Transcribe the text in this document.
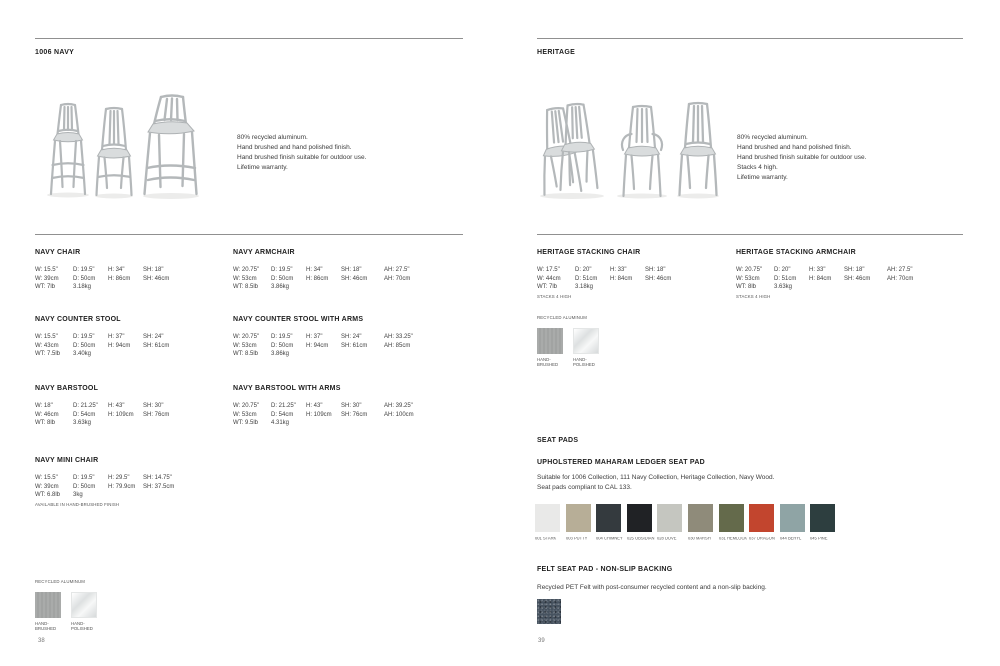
1006 NAVY
80% recycled aluminum.
Hand brushed and hand polished finish.
Hand brushed finish suitable for outdoor use.
Lifetime warranty.
NAVY CHAIR
W: 15.5"	D: 19.5"	H: 34"	SH: 18"
W: 39cm	D: 50cm	H: 86cm	SH: 46cm
WT: 7lb	3.18kg
NAVY ARMCHAIR
W: 20.75"	D: 19.5"	H: 34"	SH: 18"	AH: 27.5"
W: 53cm	D: 50cm	H: 86cm	SH: 46cm	AH: 70cm
WT: 8.5lb	3.86kg
NAVY COUNTER STOOL
W: 15.5"	D: 19.5"	H: 37"	SH: 24"
W: 43cm	D: 50cm	H: 94cm	SH: 61cm
WT: 7.5lb	3.40kg
NAVY COUNTER STOOL WITH ARMS
W: 20.75"	D: 19.5"	H: 37"	SH: 24"	AH: 33.25"
W: 53cm	D: 50cm	H: 94cm	SH: 61cm	AH: 85cm
WT: 8.5lb	3.86kg
NAVY BARSTOOL
W: 18"	D: 21.25"	H: 43"	SH: 30"
W: 46cm	D: 54cm	H: 109cm	SH: 76cm
WT: 8lb	3.63kg
NAVY BARSTOOL WITH ARMS
W: 20.75"	D: 21.25"	H: 43"	SH: 30"	AH: 39.25"
W: 53cm	D: 54cm	H: 109cm	SH: 76cm	AH: 100cm
WT: 9.5lb	4.31kg
NAVY MINI CHAIR
W: 15.5"	D: 19.5"	H: 29.5"	SH: 14.75"
W: 39cm	D: 50cm	H: 79.9cm	SH: 37.5cm
WT: 6.8lb	3kg
AVAILABLE IN HAND-BRUSHED FINISH
RECYCLED ALUMINUM
HAND-BRUSHED
HAND-POLISHED
38
HERITAGE
80% recycled aluminum.
Hand brushed and hand polished finish.
Hand brushed finish suitable for outdoor use.
Stacks 4 high.
Lifetime warranty.
HERITAGE STACKING CHAIR
W: 17.5"	D: 20"	H: 33"	SH: 18"
W: 44cm	D: 51cm	H: 84cm	SH: 46cm
WT: 7lb	3.18kg
STACKS 4 HIGH
HERITAGE STACKING ARMCHAIR
W: 20.75"	D: 20"	H: 33"	SH: 18"	AH: 27.5"
W: 53cm	D: 51cm	H: 84cm	SH: 46cm	AH: 70cm
WT: 8lb	3.63kg
STACKS 4 HIGH
RECYCLED ALUMINUM
HAND-BRUSHED
HAND-POLISHED
SEAT PADS
UPHOLSTERED MAHARAM LEDGER SEAT PAD
Suitable for 1006 Collection, 111 Navy Collection, Heritage Collection, Navy Wood.
Seat pads compliant to CAL 133.
001 STARK 003 PUTTY 004 CHIMNEY 025 OBSIDIAN 028 DOVE 030 MARSH 031 HEMLOCK 037 DRAGON 044 BERYL 045 PINE
FELT SEAT PAD - NON-SLIP BACKING
Recycled PET Felt with post-consumer recycled content and a non-slip backing.
39
